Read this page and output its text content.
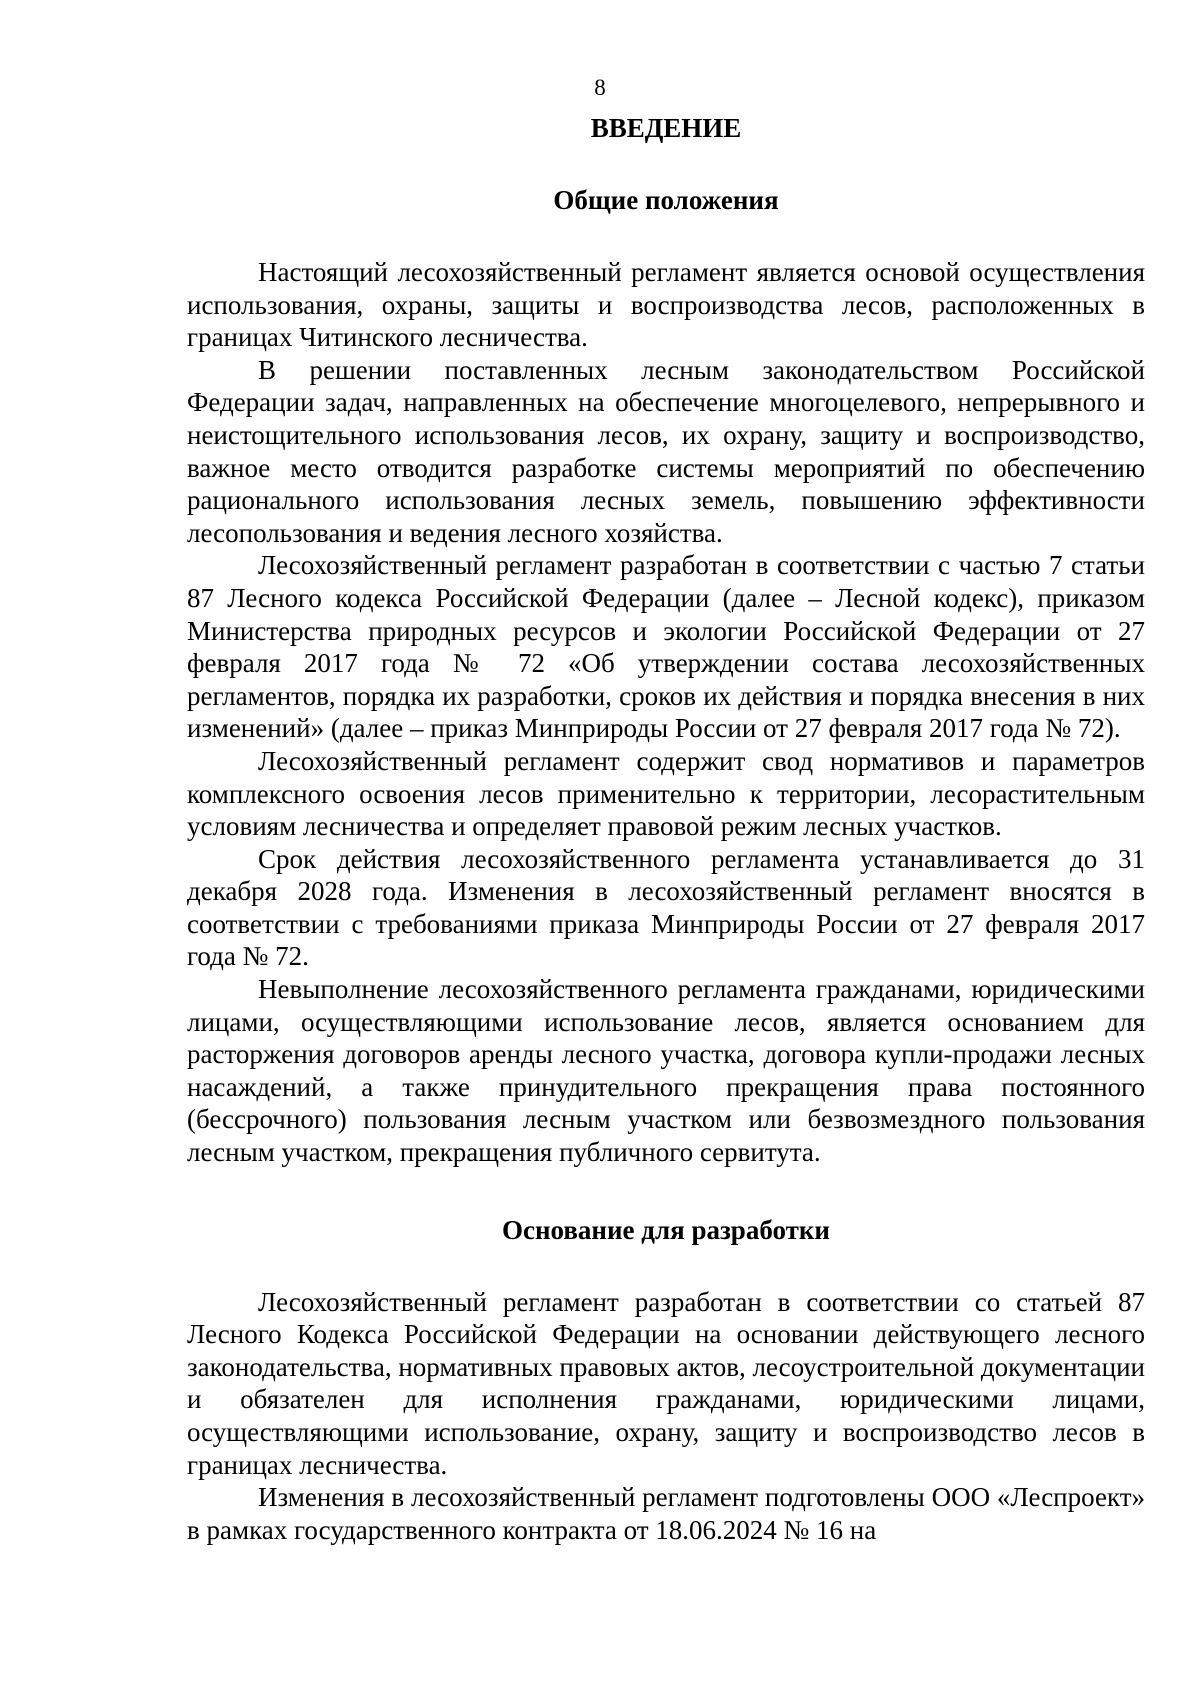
8
ВВЕДЕНИЕ
Общие положения

Настоящий лесохозяйственный регламент является основой осуществления использования, охраны, защиты и воспроизводства лесов, расположенных в границах Читинского лесничества.

В решении поставленных лесным законодательством Российской Федерации задач, направленных на обеспечение многоцелевого, непрерывного и неистощительного использования лесов, их охрану, защиту и воспроизводство, важное место отводится разработке системы мероприятий по обеспечению рационального использования лесных земель, повышению эффективности лесопользования и ведения лесного хозяйства.

Лесохозяйственный регламент разработан в соответствии с частью 7 статьи 87 Лесного кодекса Российской Федерации (далее – Лесной кодекс), приказом Министерства природных ресурсов и экологии Российской Федерации от 27 февраля 2017 года № 72 «Об утверждении состава лесохозяйственных регламентов, порядка их разработки, сроков их действия и порядка внесения в них изменений» (далее – приказ Минприроды России от 27 февраля 2017 года № 72).

Лесохозяйственный регламент содержит свод нормативов и параметров комплексного освоения лесов применительно к территории, лесорастительным условиям лесничества и определяет правовой режим лесных участков.

Срок действия лесохозяйственного регламента устанавливается до 31 декабря 2028 года. Изменения в лесохозяйственный регламент вносятся в соответствии с требованиями приказа Минприроды России от 27 февраля 2017 года № 72.

Невыполнение лесохозяйственного регламента гражданами, юридическими лицами, осуществляющими использование лесов, является основанием для расторжения договоров аренды лесного участка, договора купли-продажи лесных насаждений, а также принудительного прекращения права постоянного (бессрочного) пользования лесным участком или безвозмездного пользования лесным участком, прекращения публичного сервитута.

Основание для разработки

Лесохозяйственный регламент разработан в соответствии со статьей 87 Лесного Кодекса Российской Федерации на основании действующего лесного законодательства, нормативных правовых актов, лесоустроительной документации и обязателен для исполнения гражданами, юридическими лицами, осуществляющими использование, охрану, защиту и воспроизводство лесов в границах лесничества.

Изменения в лесохозяйственный регламент подготовлены ООО «Леспроект» в рамках государственного контракта от 18.06.2024 № 16 на
